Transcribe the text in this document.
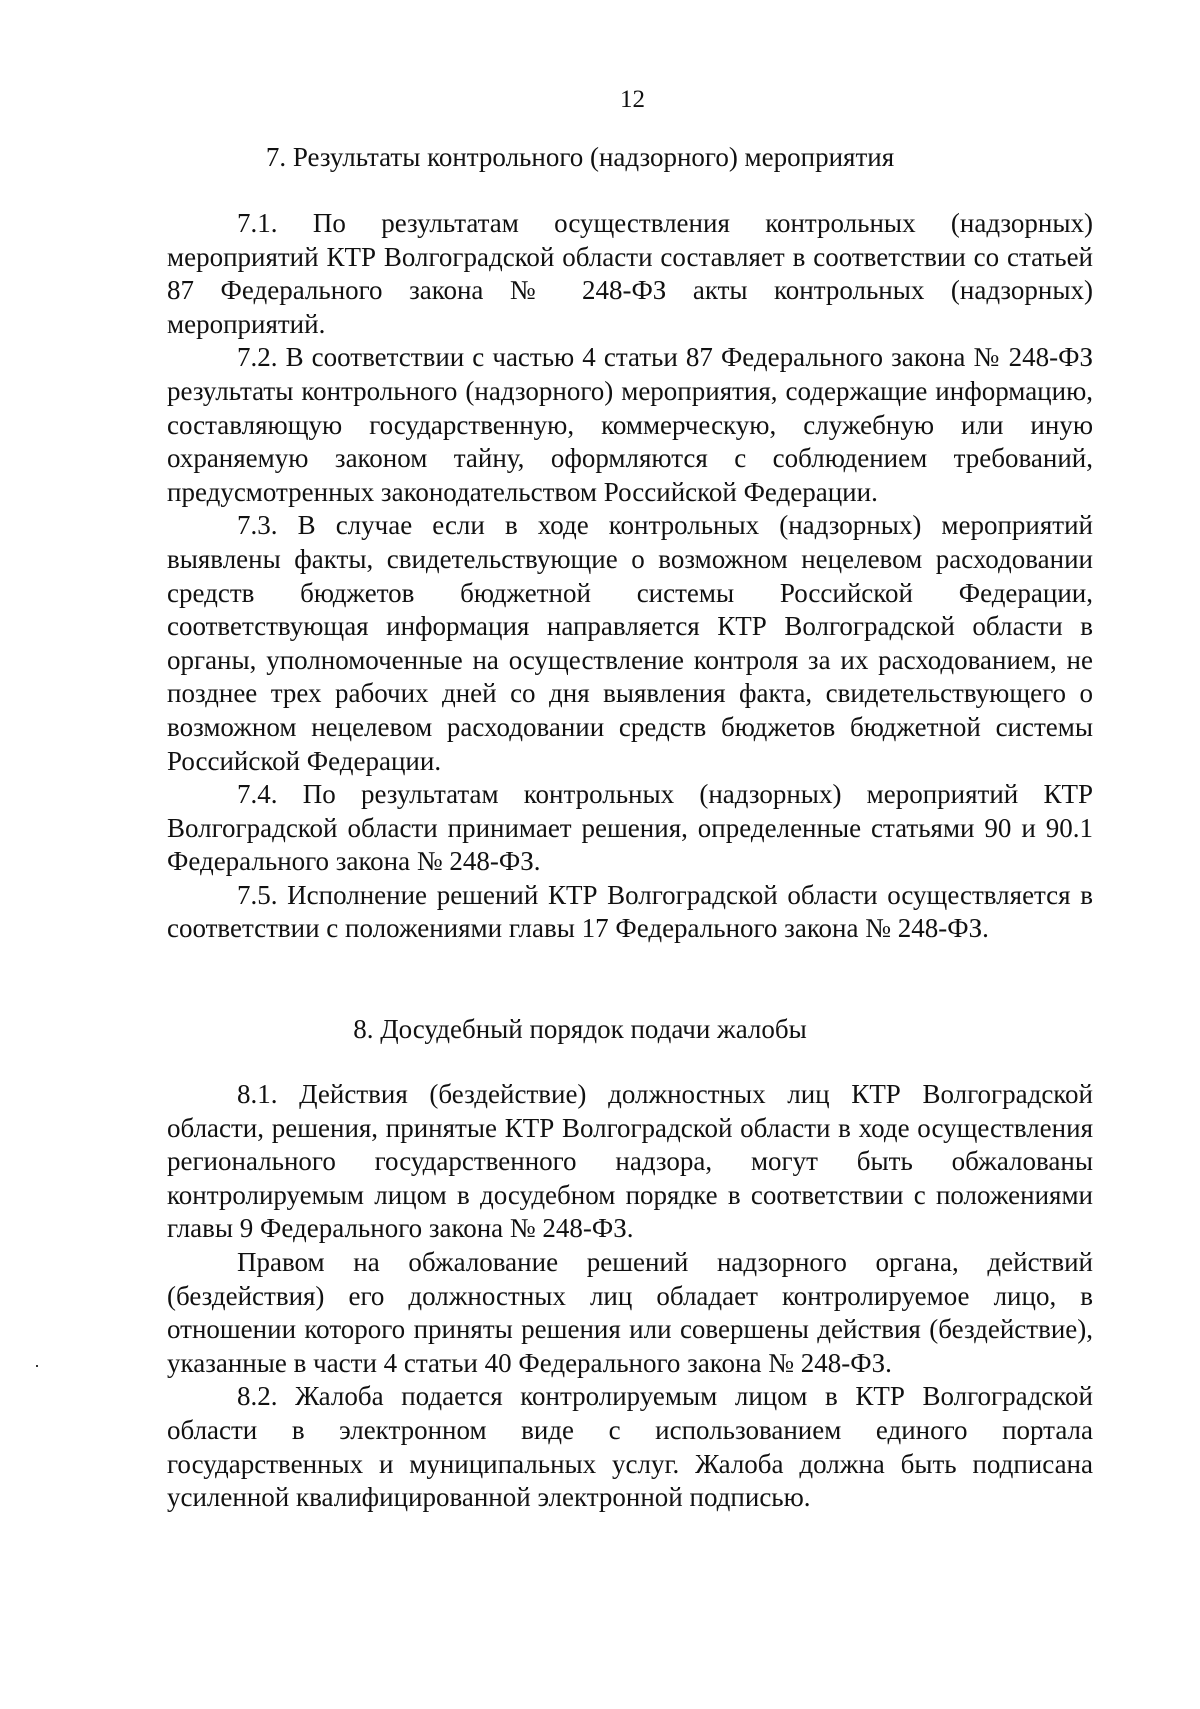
12
7. Результаты контрольного (надзорного) мероприятия

7.1. По результатам осуществления контрольных (надзорных) мероприятий КТР Волгоградской области составляет в соответствии со статьей 87 Федерального закона № 248-ФЗ акты контрольных (надзорных) мероприятий.

7.2. В соответствии с частью 4 статьи 87 Федерального закона № 248-ФЗ результаты контрольного (надзорного) мероприятия, содержащие информацию, составляющую государственную, коммерческую, служебную или иную охраняемую законом тайну, оформляются с соблюдением требований, предусмотренных законодательством Российской Федерации.

7.3. В случае если в ходе контрольных (надзорных) мероприятий выявлены факты, свидетельствующие о возможном нецелевом расходовании средств бюджетов бюджетной системы Российской Федерации, соответствующая информация направляется КТР Волгоградской области в органы, уполномоченные на осуществление контроля за их расходованием, не позднее трех рабочих дней со дня выявления факта, свидетельствующего о возможном нецелевом расходовании средств бюджетов бюджетной системы Российской Федерации.

7.4. По результатам контрольных (надзорных) мероприятий КТР Волгоградской области принимает решения, определенные статьями 90 и 90.1 Федерального закона № 248-ФЗ.

7.5. Исполнение решений КТР Волгоградской области осуществляется в соответствии с положениями главы 17 Федерального закона № 248-ФЗ.

8. Досудебный порядок подачи жалобы

8.1. Действия (бездействие) должностных лиц КТР Волгоградской области, решения, принятые КТР Волгоградской области в ходе осуществления регионального государственного надзора, могут быть обжалованы контролируемым лицом в досудебном порядке в соответствии с положениями главы 9 Федерального закона № 248-ФЗ.

Правом на обжалование решений надзорного органа, действий (бездействия) его должностных лиц обладает контролируемое лицо, в отношении которого приняты решения или совершены действия (бездействие), указанные в части 4 статьи 40 Федерального закона № 248-ФЗ.

8.2. Жалоба подается контролируемым лицом в КТР Волгоградской области в электронном виде с использованием единого портала государственных и муниципальных услуг. Жалоба должна быть подписана усиленной квалифицированной электронной подписью.
